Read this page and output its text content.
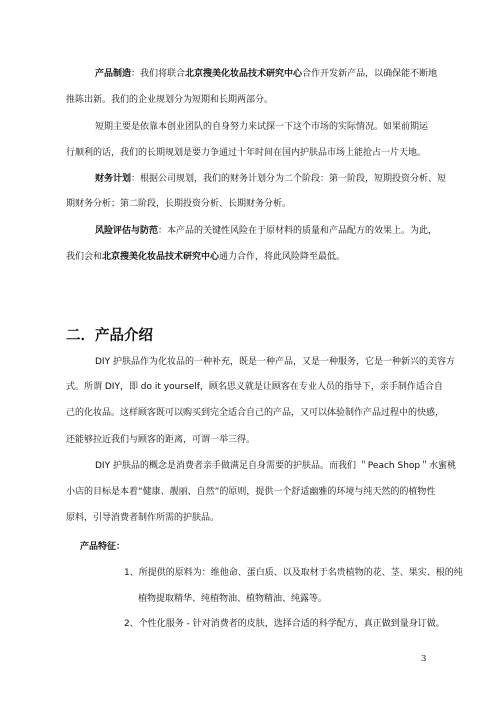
产品制造：我们将联合北京搜美化妆品技术研究中心合作开发新产品，以确保能不断地
推陈出新。我们的企业规划分为短期和长期两部分。
短期主要是依靠本创业团队的自身努力来试探一下这个市场的实际情况。如果前期运
行顺利的话，我们的长期规划是要力争通过十年时间在国内护肤品市场上能抢占一片天地。
财务计划：根据公司规划，我们的财务计划分为二个阶段：第一阶段，短期投资分析、短
期财务分析；第二阶段，长期投资分析、长期财务分析。
风险评估与防范：本产品的关键性风险在于原材料的质量和产品配方的效果上。为此，
我们会和北京搜美化妆品技术研究中心通力合作，将此风险降至最低。
二．产品介绍
DIY 护肤品作为化妆品的一种补充，既是一种产品，又是一种服务，它是一种新兴的美容方
式。所谓 DIY，即 do it yourself，顾名思义就是让顾客在专业人员的指导下，亲手制作适合自
己的化妆品。这样顾客既可以购买到完全适合自己的产品，又可以体验制作产品过程中的快感，
还能够拉近我们与顾客的距离，可谓一举三得。
DIY 护肤品的概念是消费者亲手做满足自身需要的护肤品。而我们 ＂Peach Shop＂水蜜桃
小店的目标是本着“健康、靓丽、自然”的原则，提供一个舒适幽雅的环境与纯天然的的植物性
原料，引导消费者制作所需的护肤品。
产品特征：
1、所提供的原料为：维他命、蛋白质、以及取材于名贵植物的花、茎、果实、根的纯
植物提取精华、纯植物油、植物精油、纯露等。
2、个性化服务 - 针对消费者的皮肤，选择合适的科学配方，真正做到量身订做。
3
